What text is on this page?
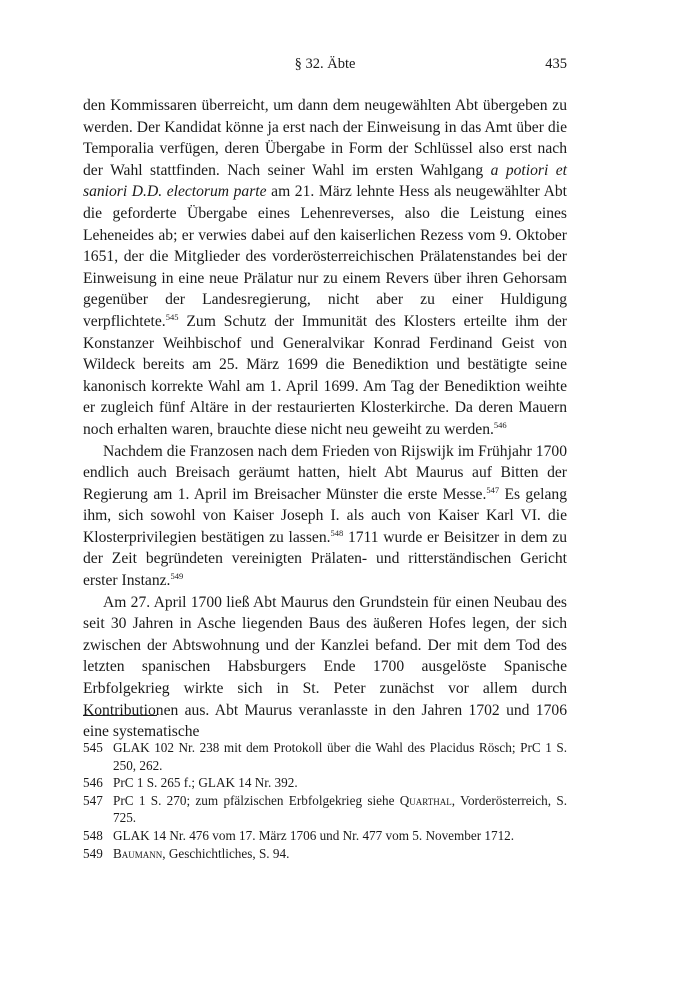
§ 32. Äbte	435

den Kommissaren überreicht, um dann dem neugewählten Abt übergeben zu werden. Der Kandidat könne ja erst nach der Einweisung in das Amt über die Temporalia verfügen, deren Übergabe in Form der Schlüssel also erst nach der Wahl stattfinden. Nach seiner Wahl im ersten Wahlgang a potiori et saniori D.D. electorum parte am 21. März lehnte Hess als neugewählter Abt die geforderte Übergabe eines Lehenreverses, also die Leistung eines Leheneides ab; er verwies dabei auf den kaiserlichen Rezess vom 9. Oktober 1651, der die Mitglieder des vorderösterreichischen Prälatenstandes bei der Einweisung in eine neue Prälatur nur zu einem Revers über ihren Gehorsam gegenüber der Landesregierung, nicht aber zu einer Huldigung verpflichtete.$^{545}$ Zum Schutz der Immunität des Klosters erteilte ihm der Konstanzer Weihbischof und Generalvikar Konrad Ferdinand Geist von Wildeck bereits am 25. März 1699 die Benediktion und bestätigte seine kanonisch korrekte Wahl am 1. April 1699. Am Tag der Benediktion weihte er zugleich fünf Altäre in der restaurierten Klosterkirche. Da deren Mauern noch erhalten waren, brauchte diese nicht neu geweiht zu werden.$^{546}$

Nachdem die Franzosen nach dem Frieden von Rijswijk im Frühjahr 1700 endlich auch Breisach geräumt hatten, hielt Abt Maurus auf Bitten der Regierung am 1. April im Breisacher Münster die erste Messe.$^{547}$ Es gelang ihm, sich sowohl von Kaiser Joseph I. als auch von Kaiser Karl VI. die Klosterprivilegien bestätigen zu lassen.$^{548}$ 1711 wurde er Beisitzer in dem zu der Zeit begründeten vereinigten Prälaten- und ritterständischen Gericht erster Instanz.$^{549}$

Am 27. April 1700 ließ Abt Maurus den Grundstein für einen Neubau des seit 30 Jahren in Asche liegenden Baus des äußeren Hofes legen, der sich zwischen der Abtswohnung und der Kanzlei befand. Der mit dem Tod des letzten spanischen Habsburgers Ende 1700 ausgelöste Spanische Erbfolgekrieg wirkte sich in St. Peter zunächst vor allem durch Kontributionen aus. Abt Maurus veranlasste in den Jahren 1702 und 1706 eine systematische

545 GLAK 102 Nr. 238 mit dem Protokoll über die Wahl des Placidus Rösch; PrC 1 S. 250, 262.
546 PrC 1 S. 265 f.; GLAK 14 Nr. 392.
547 PrC 1 S. 270; zum pfälzischen Erbfolgekrieg siehe Quarthal, Vorderösterreich, S. 725.
548 GLAK 14 Nr. 476 vom 17. März 1706 und Nr. 477 vom 5. November 1712.
549 Baumann, Geschichtliches, S. 94.
